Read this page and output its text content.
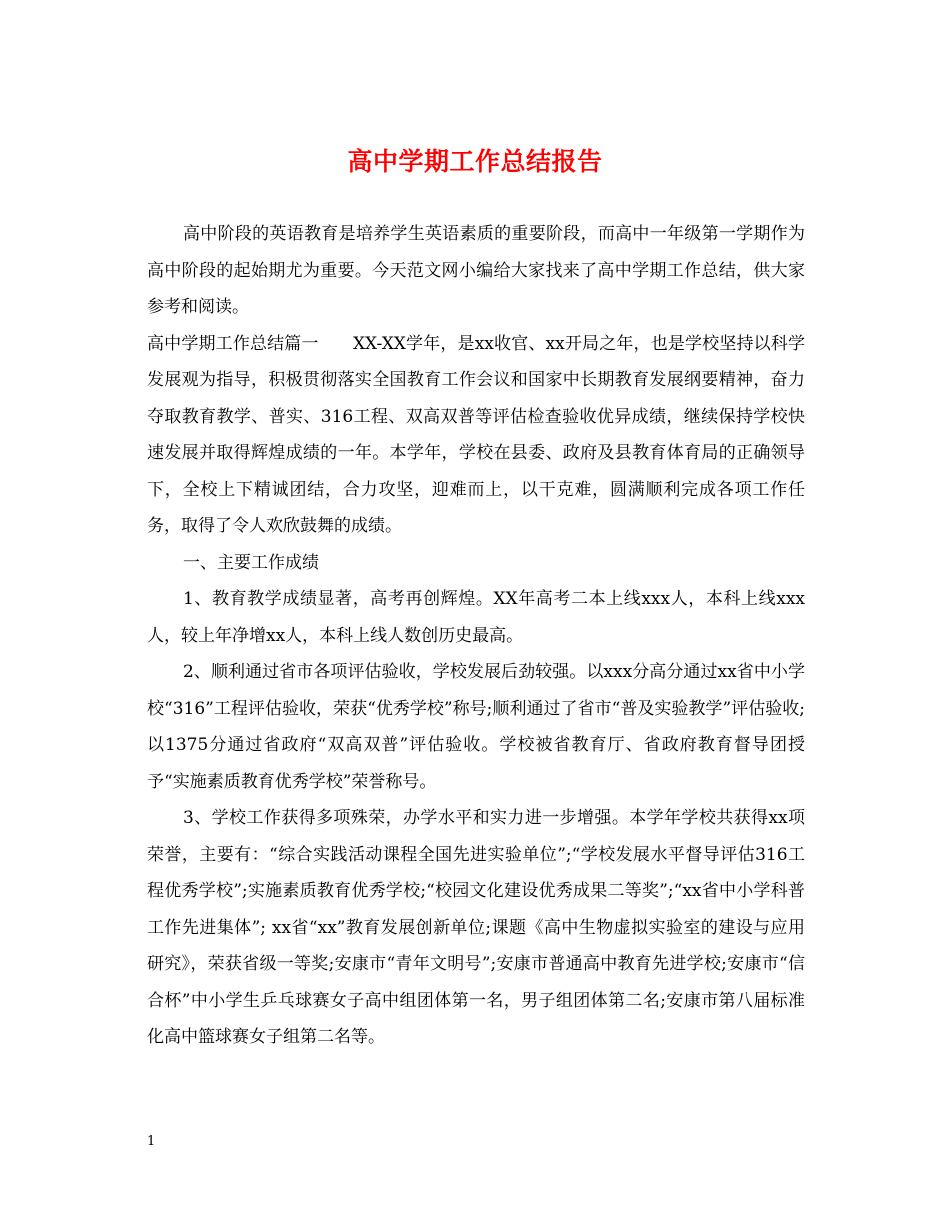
高中学期工作总结报告

高中阶段的英语教育是培养学生英语素质的重要阶段，而高中一年级第一学期作为高中阶段的起始期尤为重要。今天范文网小编给大家找来了高中学期工作总结，供大家参考和阅读。

高中学期工作总结篇一　　XX-XX学年，是xx收官、xx开局之年，也是学校坚持以科学发展观为指导，积极贯彻落实全国教育工作会议和国家中长期教育发展纲要精神，奋力夺取教育教学、普实、316工程、双高双普等评估检查验收优异成绩，继续保持学校快速发展并取得辉煌成绩的一年。本学年，学校在县委、政府及县教育体育局的正确领导下，全校上下精诚团结，合力攻坚，迎难而上，以干克难，圆满顺利完成各项工作任务，取得了令人欢欣鼓舞的成绩。

一、主要工作成绩

1、教育教学成绩显著，高考再创辉煌。XX年高考二本上线xxx人，本科上线xxx人，较上年净增xx人，本科上线人数创历史最高。

2、顺利通过省市各项评估验收，学校发展后劲较强。以xxx分高分通过xx省中小学校“316”工程评估验收，荣获“优秀学校”称号;顺利通过了省市“普及实验教学”评估验收;以1375分通过省政府“双高双普”评估验收。学校被省教育厅、省政府教育督导团授予“实施素质教育优秀学校”荣誉称号。

3、学校工作获得多项殊荣，办学水平和实力进一步增强。本学年学校共获得xx项荣誉，主要有：“综合实践活动课程全国先进实验单位”;“学校发展水平督导评估316工程优秀学校”;实施素质教育优秀学校;“校园文化建设优秀成果二等奖”;“xx省中小学科普工作先进集体”; xx省“xx”教育发展创新单位;课题《高中生物虚拟实验室的建设与应用研究》，荣获省级一等奖;安康市“青年文明号”;安康市普通高中教育先进学校;安康市“信合杯”中小学生乒乓球赛女子高中组团体第一名，男子组团体第二名;安康市第八届标准化高中篮球赛女子组第二名等。

1
